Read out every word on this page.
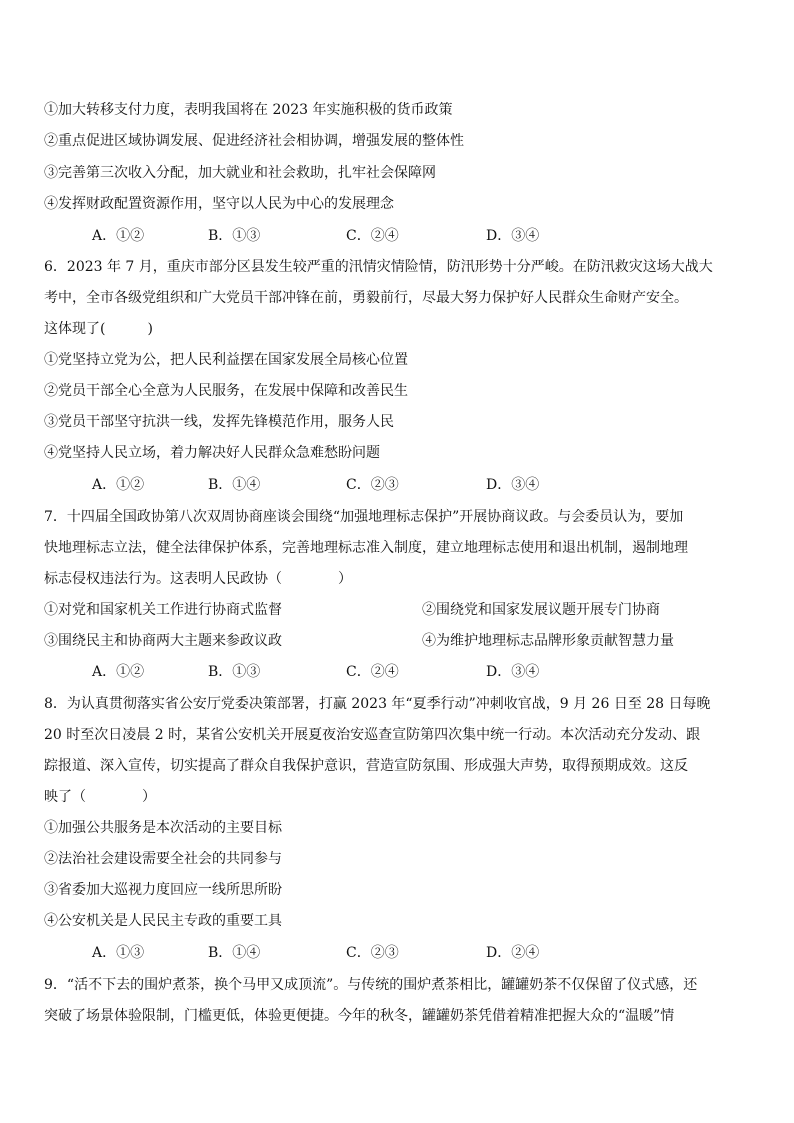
①加大转移支付力度，表明我国将在 2023 年实施积极的货币政策
②重点促进区域协调发展、促进经济社会相协调，增强发展的整体性
③完善第三次收入分配，加大就业和社会救助，扎牢社会保障网
④发挥财政配置资源作用，坚守以人民为中心的发展理念
A．①②	B．①③	C．②④	D．③④
6．2023 年 7 月，重庆市部分区县发生较严重的汛情灾情险情，防汛形势十分严峻。在防汛救灾这场大战大
考中，全市各级党组织和广大党员干部冲锋在前，勇毅前行，尽最大努力保护好人民群众生命财产安全。
这体现了(　　　)
①党坚持立党为公，把人民利益摆在国家发展全局核心位置
②党员干部全心全意为人民服务，在发展中保障和改善民生
③党员干部坚守抗洪一线，发挥先锋模范作用，服务人民
④党坚持人民立场，着力解决好人民群众急难愁盼问题
A．①②	B．①④	C．②③	D．③④
7．十四届全国政协第八次双周协商座谈会围绕“加强地理标志保护”开展协商议政。与会委员认为，要加
快地理标志立法，健全法律保护体系，完善地理标志准入制度，建立地理标志使用和退出机制，遏制地理
标志侵权违法行为。这表明人民政协（　　　　）
①对党和国家机关工作进行协商式监督	②围绕党和国家发展议题开展专门协商
③围绕民主和协商两大主题来参政议政	④为维护地理标志品牌形象贡献智慧力量
A．①②	B．①③	C．②④	D．③④
8．为认真贯彻落实省公安厅党委决策部署，打赢 2023 年“夏季行动”冲刺收官战，9 月 26 日至 28 日每晚
20 时至次日凌晨 2 时，某省公安机关开展夏夜治安巡查宣防第四次集中统一行动。本次活动充分发动、跟
踪报道、深入宣传，切实提高了群众自我保护意识，营造宣防氛围、形成强大声势，取得预期成效。这反
映了（　　　　）
①加强公共服务是本次活动的主要目标
②法治社会建设需要全社会的共同参与
③省委加大巡视力度回应一线所思所盼
④公安机关是人民民主专政的重要工具
A．①③	B．①④	C．②③	D．②④
9．“活不下去的围炉煮茶，换个马甲又成顶流”。与传统的围炉煮茶相比，罐罐奶茶不仅保留了仪式感，还
突破了场景体验限制，门槛更低，体验更便捷。今年的秋冬，罐罐奶茶凭借着精准把握大众的“温暖”情
